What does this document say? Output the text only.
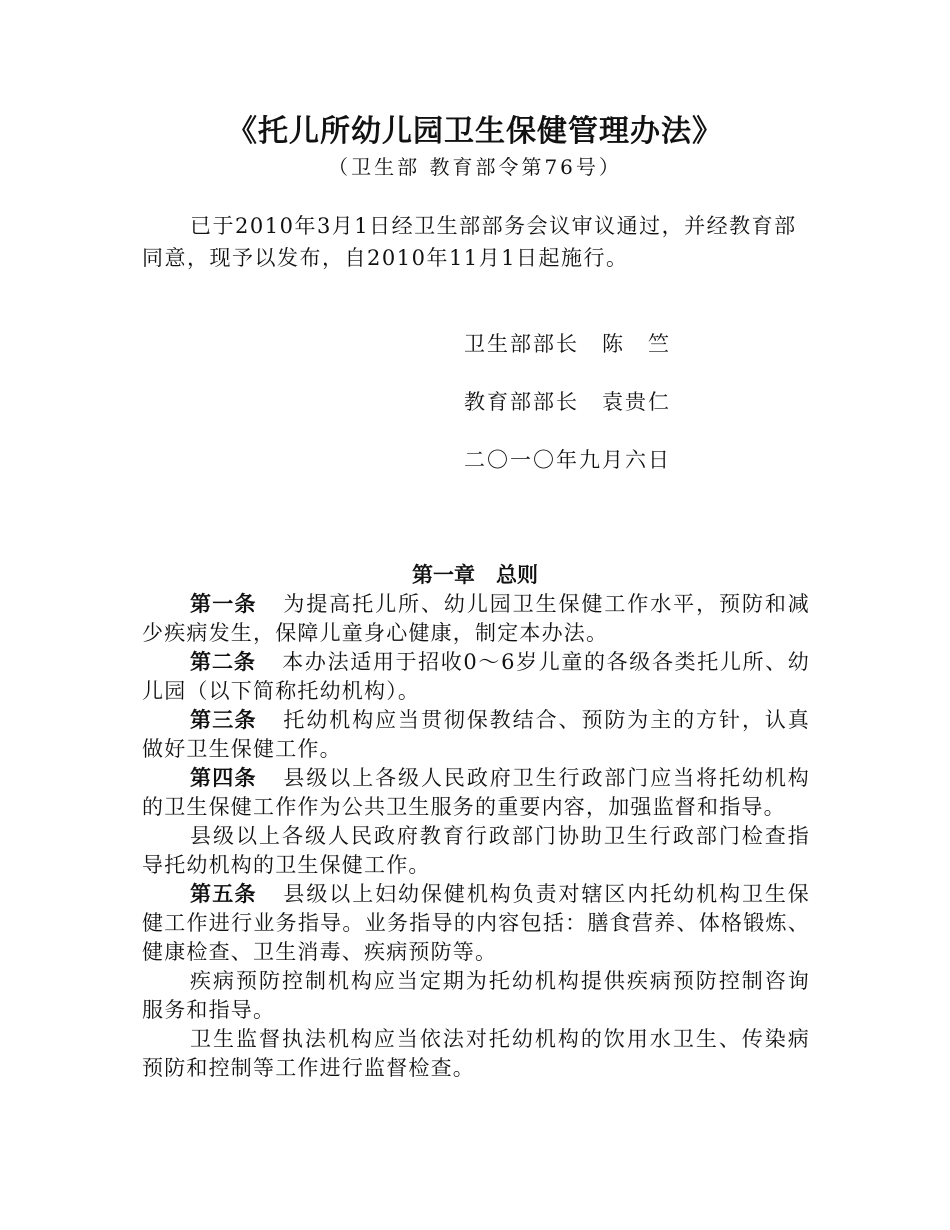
《托儿所幼儿园卫生保健管理办法》
（卫生部 教育部令第76号）

已于2010年3月1日经卫生部部务会议审议通过，并经教育部同意，现予以发布，自2010年11月1日起施行。

卫生部部长　陈　竺
教育部部长　袁贵仁
二〇一〇年九月六日
第一章　总则

第一条 为提高托儿所、幼儿园卫生保健工作水平，预防和减少疾病发生，保障儿童身心健康，制定本办法。

第二条 本办法适用于招收0～6岁儿童的各级各类托儿所、幼儿园（以下简称托幼机构）。

第三条 托幼机构应当贯彻保教结合、预防为主的方针，认真做好卫生保健工作。

第四条 县级以上各级人民政府卫生行政部门应当将托幼机构的卫生保健工作作为公共卫生服务的重要内容，加强监督和指导。

县级以上各级人民政府教育行政部门协助卫生行政部门检查指导托幼机构的卫生保健工作。

第五条 县级以上妇幼保健机构负责对辖区内托幼机构卫生保健工作进行业务指导。业务指导的内容包括：膳食营养、体格锻炼、健康检查、卫生消毒、疾病预防等。

疾病预防控制机构应当定期为托幼机构提供疾病预防控制咨询服务和指导。

卫生监督执法机构应当依法对托幼机构的饮用水卫生、传染病预防和控制等工作进行监督检查。
